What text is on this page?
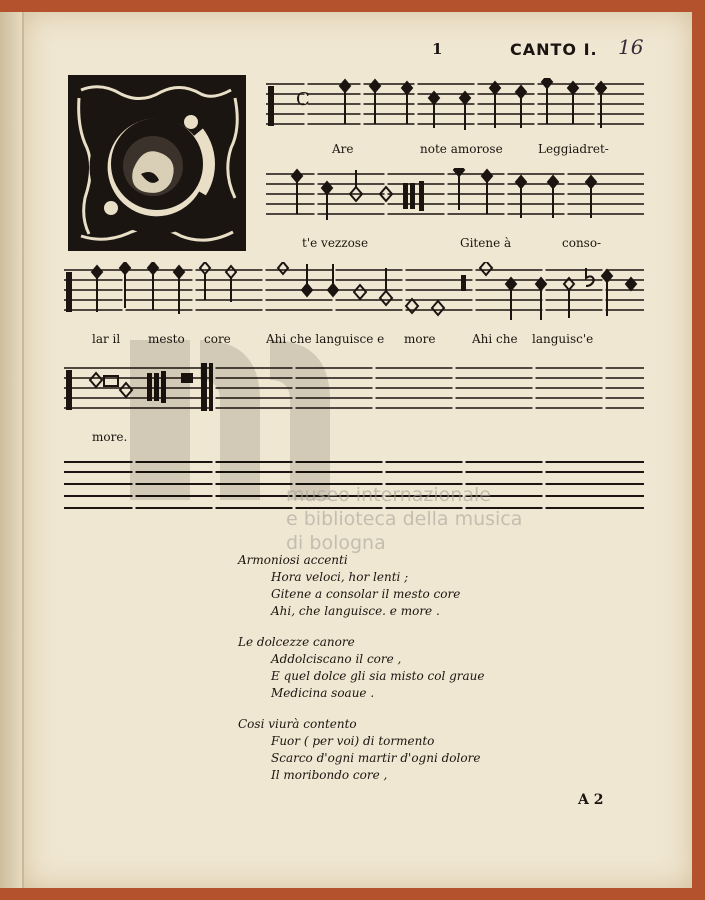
1	CANTO I. 16
C
Are	note amorose	Leggiadret-
t'e vezzose	Gitene à	conso-
lar il mesto core	Ahi che languisce e more	Ahi che languisc'e
more.
museo internazionale
e biblioteca della musica
di bologna
Armoniosi accenti
Hora veloci, hor lenti ;
Gitene a consolar il mesto core
Ahi, che languisce. e more .
Le dolcezze canore
Addolciscano il core ,
E quel dolce gli sia misto col graue
Medicina soaue .
Cosi viurà contento
Fuor ( per voi) di tormento
Scarco d'ogni martir d'ogni dolore
Il moribondo core ,
A 2
